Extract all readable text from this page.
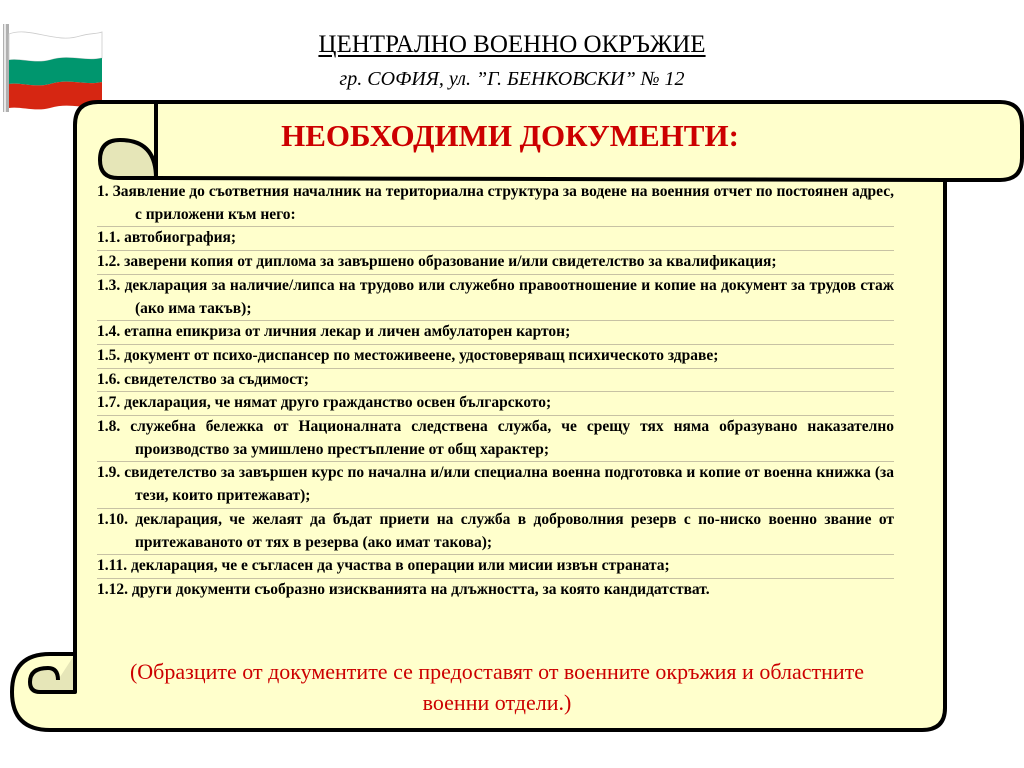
ЦЕНТРАЛНО ВОЕННО ОКРЪЖИЕ
гр. СОФИЯ, ул. ”Г. БЕНКОВСКИ” № 12
НЕОБХОДИМИ ДОКУМЕНТИ:
1. Заявление до съответния началник на териториална структура за водене на военния отчет по постоянен адрес, с приложени към него:
1.1. автобиография;
1.2. заверени копия от диплома за завършено образование и/или свидетелство за квалификация;
1.3. декларация за наличие/липса на трудово или служебно правоотношение и копие на документ за трудов стаж (ако има такъв);
1.4. етапна епикриза от личния лекар и личен амбулаторен картон;
1.5. документ от психо-диспансер по местоживеене, удостоверяващ психическото здраве;
1.6. свидетелство за съдимост;
1.7. декларация, че нямат друго гражданство освен българското;
1.8. служебна бележка от Националната следствена служба, че срещу тях няма образувано наказателно производство за умишлено престъпление от общ характер;
1.9. свидетелство за завършен курс по начална и/или специална военна подготовка и копие от военна книжка (за тези, които притежават);
1.10. декларация, че желаят да бъдат приети на служба в доброволния резерв с по-ниско военно звание от притежаваното от тях в резерва (ако имат такова);
1.11. декларация, че е съгласен да участва в операции или мисии извън страната;
1.12. други документи съобразно изискванията на длъжността, за която кандидатстват.
(Образците от документите се предоставят от военните окръжия и областните военни отдели.)
